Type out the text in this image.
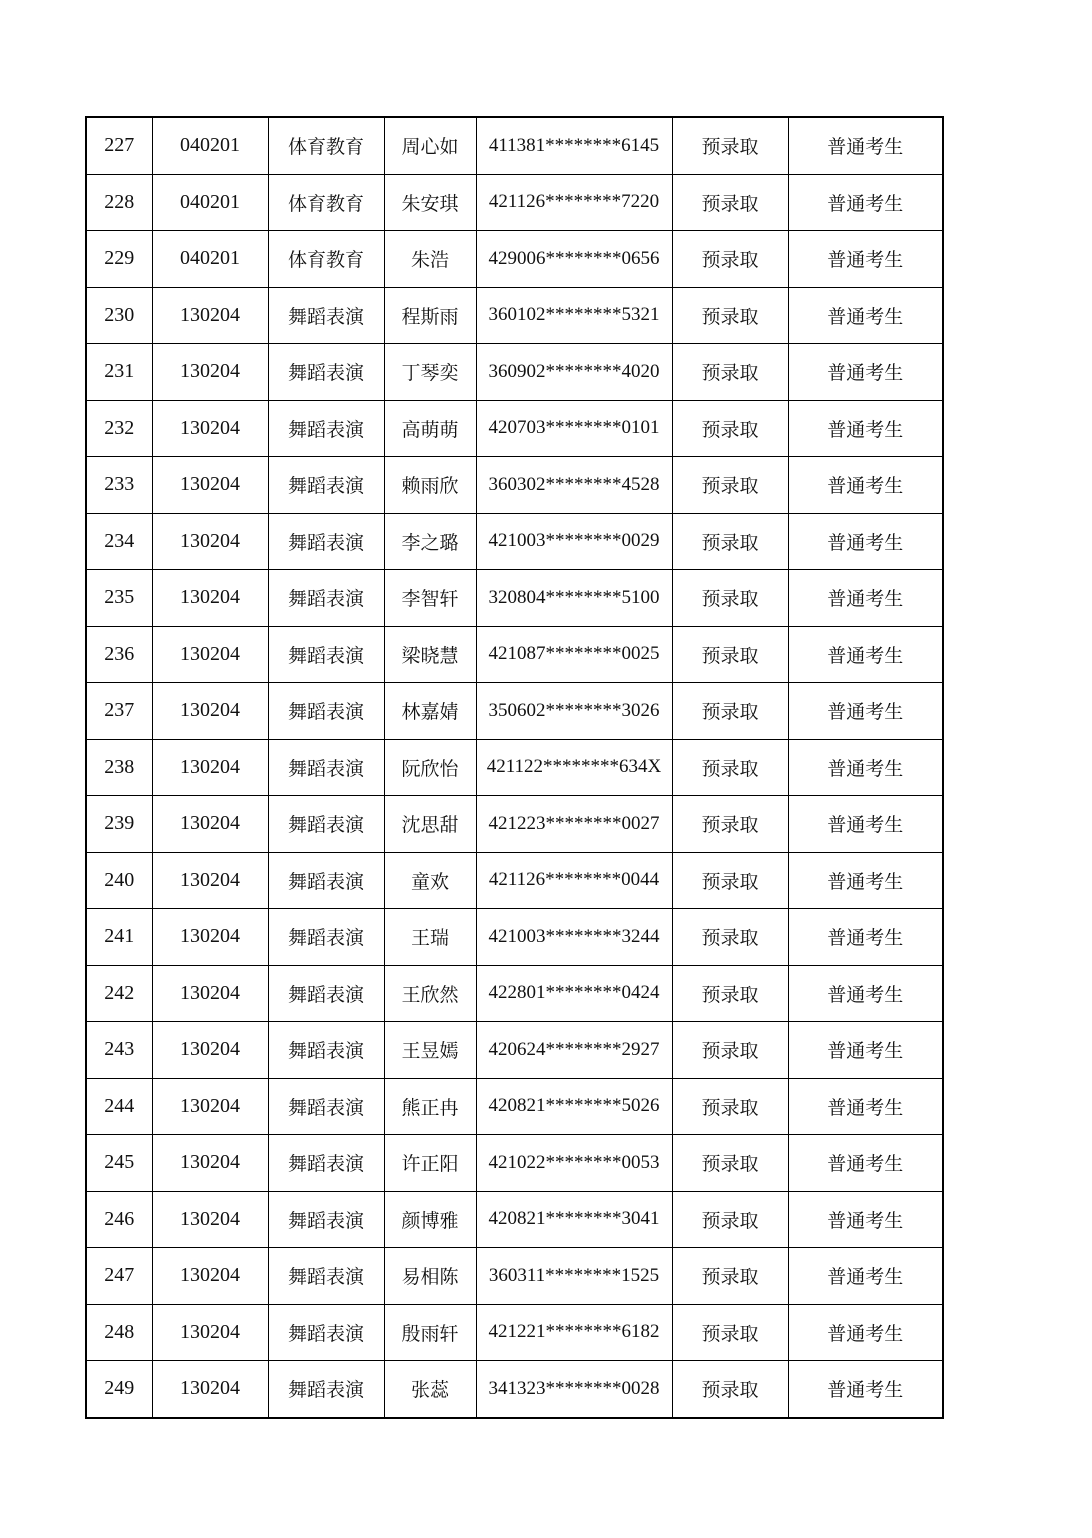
227	040201	体育教育	周心如	411381********6145	预录取	普通考生
228	040201	体育教育	朱安琪	421126********7220	预录取	普通考生
229	040201	体育教育	朱浩	429006********0656	预录取	普通考生
230	130204	舞蹈表演	程斯雨	360102********5321	预录取	普通考生
231	130204	舞蹈表演	丁琴奕	360902********4020	预录取	普通考生
232	130204	舞蹈表演	高萌萌	420703********0101	预录取	普通考生
233	130204	舞蹈表演	赖雨欣	360302********4528	预录取	普通考生
234	130204	舞蹈表演	李之璐	421003********0029	预录取	普通考生
235	130204	舞蹈表演	李智轩	320804********5100	预录取	普通考生
236	130204	舞蹈表演	梁晓慧	421087********0025	预录取	普通考生
237	130204	舞蹈表演	林嘉婧	350602********3026	预录取	普通考生
238	130204	舞蹈表演	阮欣怡	421122********634X	预录取	普通考生
239	130204	舞蹈表演	沈思甜	421223********0027	预录取	普通考生
240	130204	舞蹈表演	童欢	421126********0044	预录取	普通考生
241	130204	舞蹈表演	王瑞	421003********3244	预录取	普通考生
242	130204	舞蹈表演	王欣然	422801********0424	预录取	普通考生
243	130204	舞蹈表演	王昱嫣	420624********2927	预录取	普通考生
244	130204	舞蹈表演	熊正冉	420821********5026	预录取	普通考生
245	130204	舞蹈表演	许正阳	421022********0053	预录取	普通考生
246	130204	舞蹈表演	颜博雅	420821********3041	预录取	普通考生
247	130204	舞蹈表演	易相陈	360311********1525	预录取	普通考生
248	130204	舞蹈表演	殷雨轩	421221********6182	预录取	普通考生
249	130204	舞蹈表演	张蕊	341323********0028	预录取	普通考生
